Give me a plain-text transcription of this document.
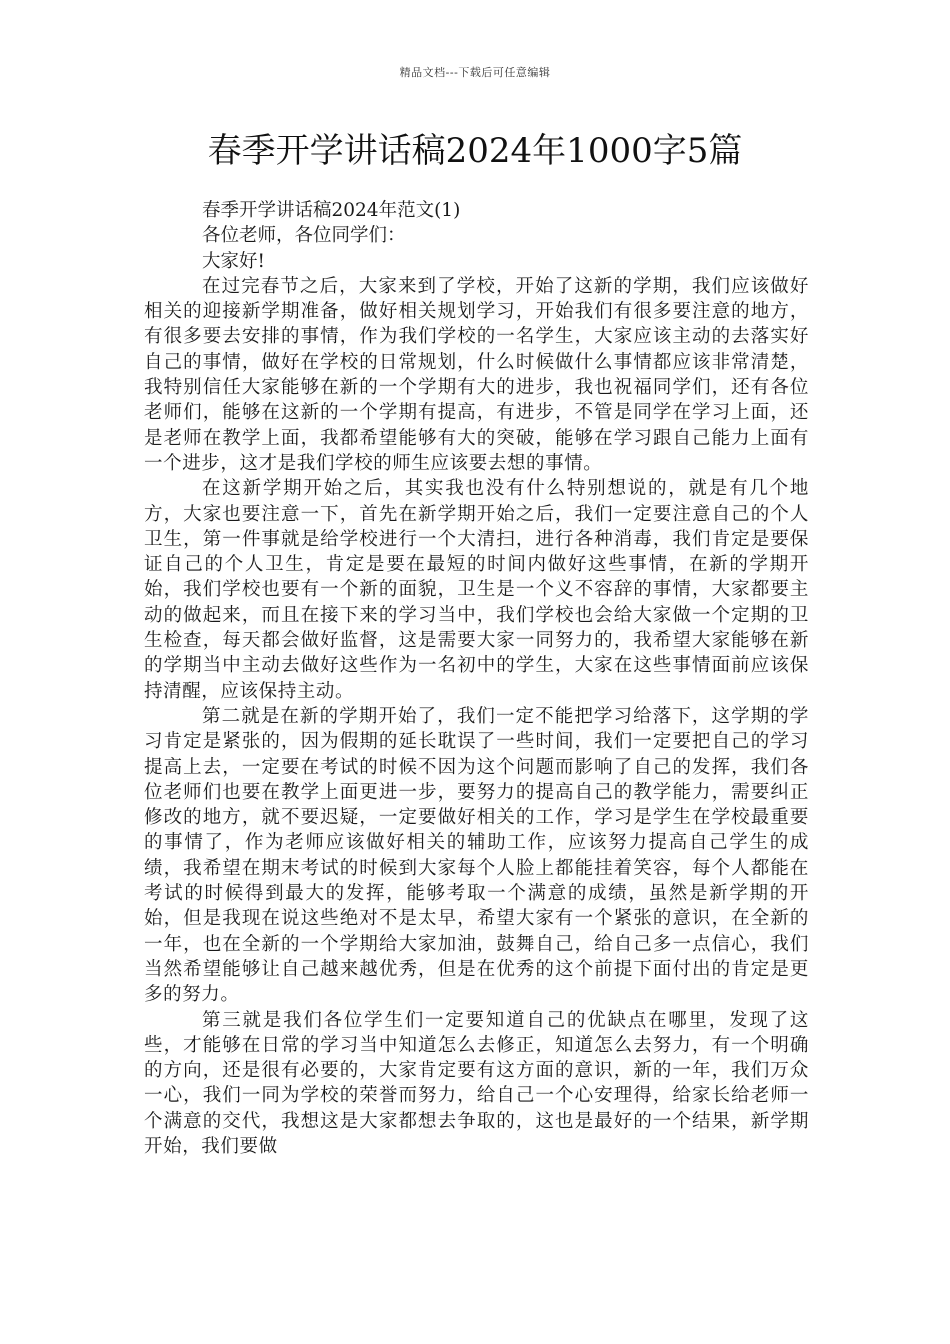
精品文档---下载后可任意编辑
春季开学讲话稿2024年1000字5篇

春季开学讲话稿2024年范文(1)

各位老师，各位同学们：

大家好!

在过完春节之后，大家来到了学校，开始了这新的学期，我们应该做好相关的迎接新学期准备，做好相关规划学习，开始我们有很多要注意的地方，有很多要去安排的事情，作为我们学校的一名学生，大家应该主动的去落实好自己的事情，做好在学校的日常规划，什么时候做什么事情都应该非常清楚，我特别信任大家能够在新的一个学期有大的进步，我也祝福同学们，还有各位老师们，能够在这新的一个学期有提高，有进步，不管是同学在学习上面，还是老师在教学上面，我都希望能够有大的突破，能够在学习跟自己能力上面有一个进步，这才是我们学校的师生应该要去想的事情。

在这新学期开始之后，其实我也没有什么特别想说的，就是有几个地方，大家也要注意一下，首先在新学期开始之后，我们一定要注意自己的个人卫生，第一件事就是给学校进行一个大清扫，进行各种消毒，我们肯定是要保证自己的个人卫生，肯定是要在最短的时间内做好这些事情，在新的学期开始，我们学校也要有一个新的面貌，卫生是一个义不容辞的事情，大家都要主动的做起来，而且在接下来的学习当中，我们学校也会给大家做一个定期的卫生检查，每天都会做好监督，这是需要大家一同努力的，我希望大家能够在新的学期当中主动去做好这些作为一名初中的学生，大家在这些事情面前应该保持清醒，应该保持主动。

第二就是在新的学期开始了，我们一定不能把学习给落下，这学期的学习肯定是紧张的，因为假期的延长耽误了一些时间，我们一定要把自己的学习提高上去，一定要在考试的时候不因为这个问题而影响了自己的发挥，我们各位老师们也要在教学上面更进一步，要努力的提高自己的教学能力，需要纠正修改的地方，就不要迟疑，一定要做好相关的工作，学习是学生在学校最重要的事情了，作为老师应该做好相关的辅助工作，应该努力提高自己学生的成绩，我希望在期末考试的时候到大家每个人脸上都能挂着笑容，每个人都能在考试的时候得到最大的发挥，能够考取一个满意的成绩，虽然是新学期的开始，但是我现在说这些绝对不是太早，希望大家有一个紧张的意识，在全新的一年，也在全新的一个学期给大家加油，鼓舞自己，给自己多一点信心，我们当然希望能够让自己越来越优秀，但是在优秀的这个前提下面付出的肯定是更多的努力。

第三就是我们各位学生们一定要知道自己的优缺点在哪里，发现了这些，才能够在日常的学习当中知道怎么去修正，知道怎么去努力，有一个明确的方向，还是很有必要的，大家肯定要有这方面的意识，新的一年，我们万众一心，我们一同为学校的荣誉而努力，给自己一个心安理得，给家长给老师一个满意的交代，我想这是大家都想去争取的，这也是最好的一个结果，新学期开始，我们要做
